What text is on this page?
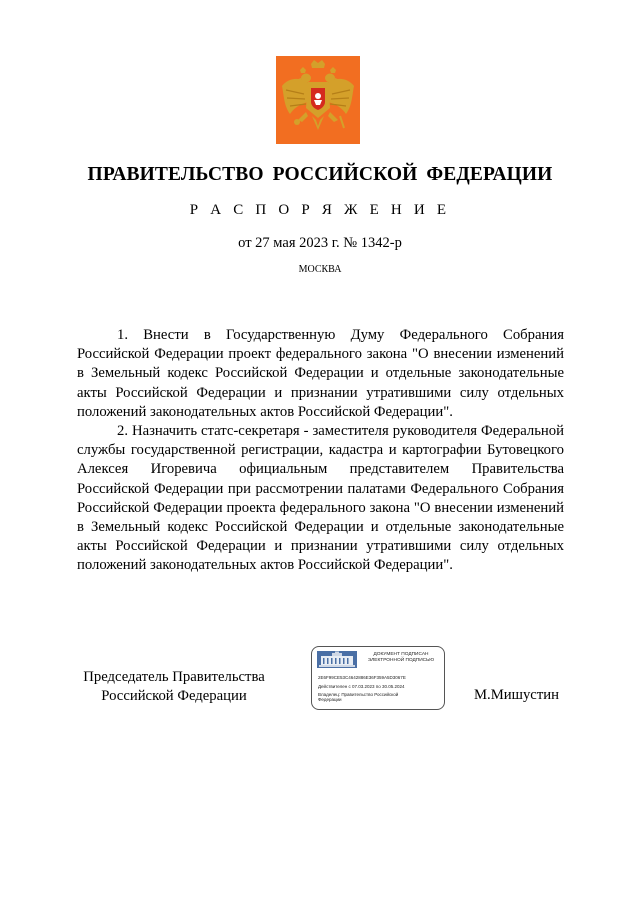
ПРАВИТЕЛЬСТВО РОССИЙСКОЙ ФЕДЕРАЦИИ
Р А С П О Р Я Ж Е Н И Е
от 27 мая 2023 г. № 1342-р
МОСКВА

1. Внести в Государственную Думу Федерального Собрания Российской Федерации проект федерального закона "О внесении изменений в Земельный кодекс Российской Федерации и отдельные законодательные акты Российской Федерации и признании утратившими силу отдельных положений законодательных актов Российской Федерации".

2. Назначить статс-секретаря - заместителя руководителя Федеральной службы государственной регистрации, кадастра и картографии Бутовецкого Алексея Игоревича официальным представителем Правительства Российской Федерации при рассмотрении палатами Федерального Собрания Российской Федерации проекта федерального закона "О внесении изменений в Земельный кодекс Российской Федерации и отдельные законодательные акты Российской Федерации и признании утратившими силу отдельных положений законодательных актов Российской Федерации".

Председатель Правительства
Российской Федерации
ДОКУМЕНТ ПОДПИСАН
ЭЛЕКТРОННОЙ ПОДПИСЬЮ
2E6F99CE53C4642886E36F359A5D3067E
Действителен с 07.03.2023 по 30.05.2024
Владелец: Правительство Российской
Федерации	М.Мишустин
